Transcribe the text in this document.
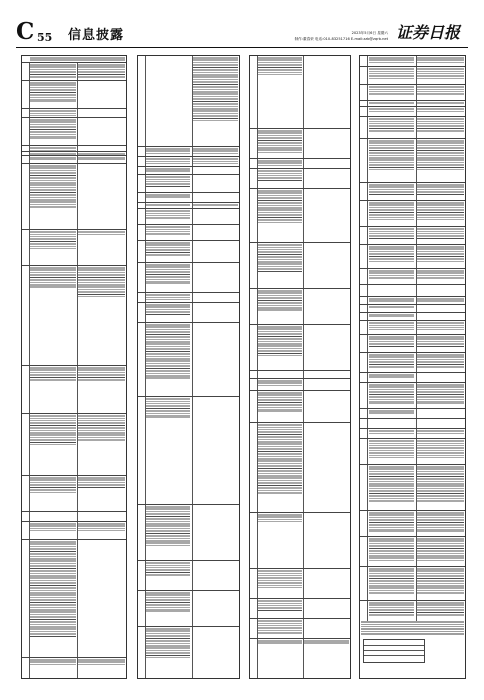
C 55 信息披露	2023年5月6日 星期六
制作:董春荣 电话:010-83251716 E-mail:zzb@zqrb.net 证券日报
